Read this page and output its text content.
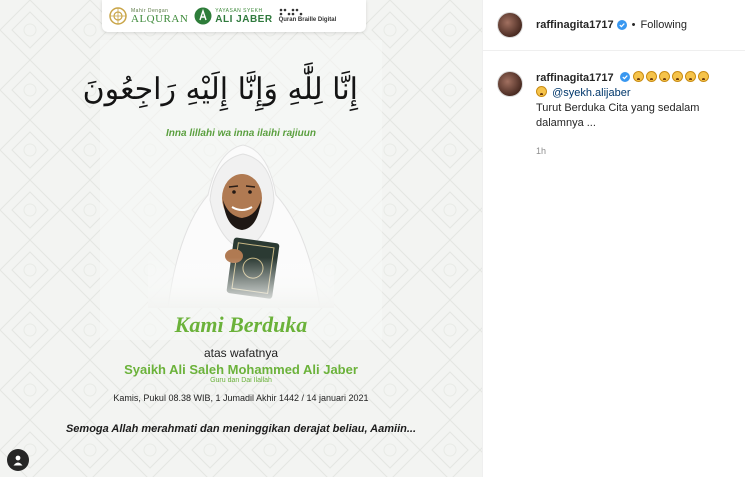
Mahir Dengan
ALQURAN
YAYASAN SYEKH
ALI JABER Quran Braille Digital
إِنَّا لِلَّٰهِ وَإِنَّا إِلَيْهِ رَاجِعُونَ
Inna lillahi wa inna ilaihi rajiuun
Kami Berduka
atas wafatnya
Syaikh Ali Saleh Mohammed Ali Jaber
Guru dan Dai Ilallah
Kamis, Pukul 08.38 WIB, 1 Jumadil Akhir 1442 / 14 januari 2021
Semoga Allah merahmati dan meninggikan derajat beliau, Aamiin...
raffinagita1717 • Following
raffinagita1717
@syekh.alijaber
Turut Berduka Cita yang sedalam dalamnya ...
1h
